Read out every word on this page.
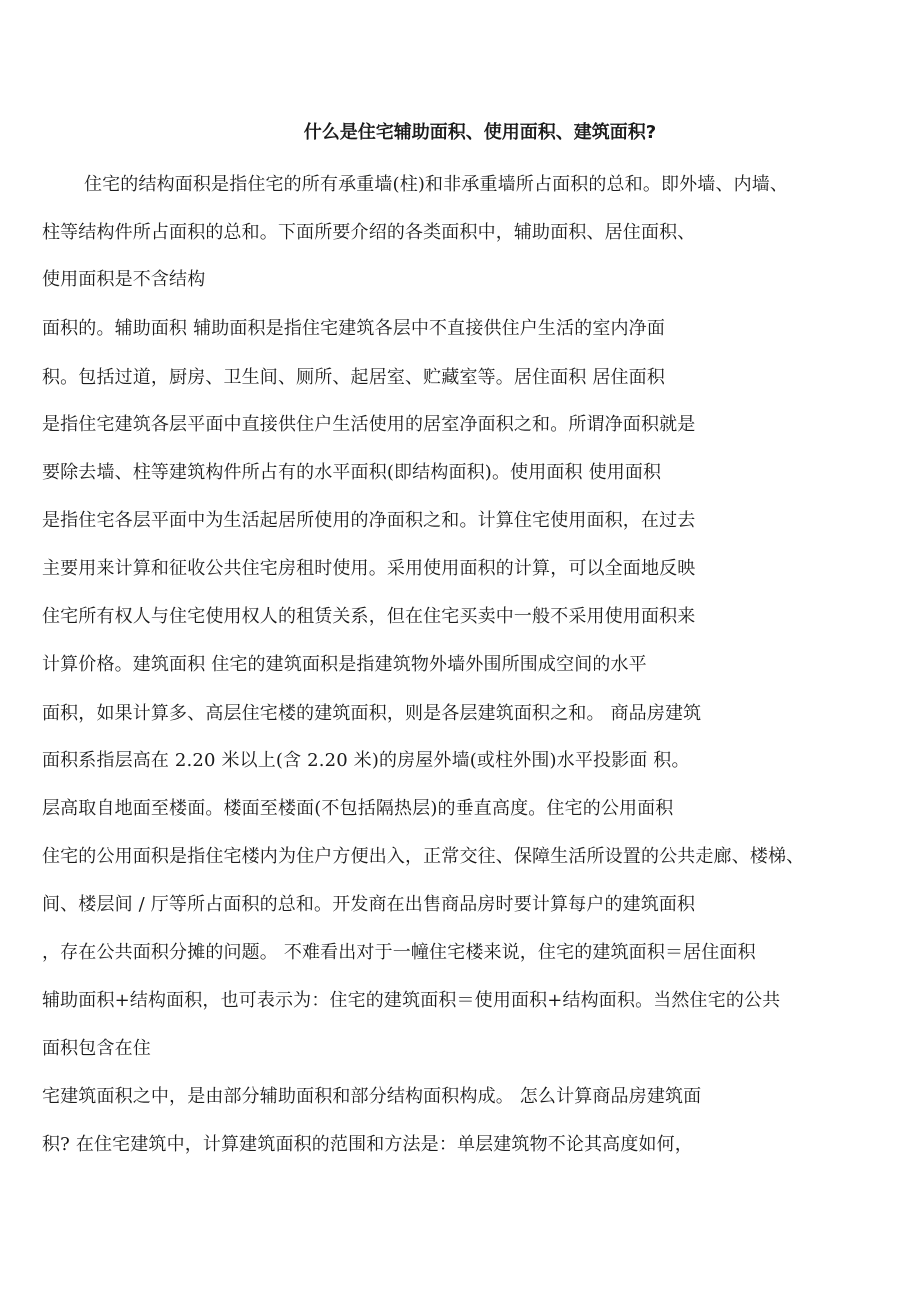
什么是住宅辅助面积、使用面积、建筑面积?
住宅的结构面积是指住宅的所有承重墙(柱)和非承重墙所占面积的总和。即外墙、内墙、
柱等结构件所占面积的总和。下面所要介绍的各类面积中，辅助面积、居住面积、
使用面积是不含结构
面积的。辅助面积 辅助面积是指住宅建筑各层中不直接供住户生活的室内净面
积。包括过道，厨房、卫生间、厕所、起居室、贮藏室等。居住面积 居住面积
是指住宅建筑各层平面中直接供住户生活使用的居室净面积之和。所谓净面积就是
要除去墙、柱等建筑构件所占有的水平面积(即结构面积)。使用面积 使用面积
是指住宅各层平面中为生活起居所使用的净面积之和。计算住宅使用面积，在过去
主要用来计算和征收公共住宅房租时使用。采用使用面积的计算，可以全面地反映
住宅所有权人与住宅使用权人的租赁关系，但在住宅买卖中一般不采用使用面积来
计算价格。建筑面积 住宅的建筑面积是指建筑物外墙外围所围成空间的水平
面积，如果计算多、高层住宅楼的建筑面积，则是各层建筑面积之和。 商品房建筑
面积系指层高在 2.20 米以上(含 2.20 米)的房屋外墙(或柱外围)水平投影面 积。
层高取自地面至楼面。楼面至楼面(不包括隔热层)的垂直高度。住宅的公用面积
住宅的公用面积是指住宅楼内为住户方便出入，正常交往、保障生活所设置的公共走廊、楼梯、
间、楼层间 / 厅等所占面积的总和。开发商在出售商品房时要计算每户的建筑面积
，存在公共面积分摊的问题。 不难看出对于一幢住宅楼来说，住宅的建筑面积＝居住面积
辅助面积+结构面积，也可表示为：住宅的建筑面积＝使用面积+结构面积。当然住宅的公共
面积包含在住
宅建筑面积之中，是由部分辅助面积和部分结构面积构成。 怎么计算商品房建筑面
积? 在住宅建筑中，计算建筑面积的范围和方法是：单层建筑物不论其高度如何，
